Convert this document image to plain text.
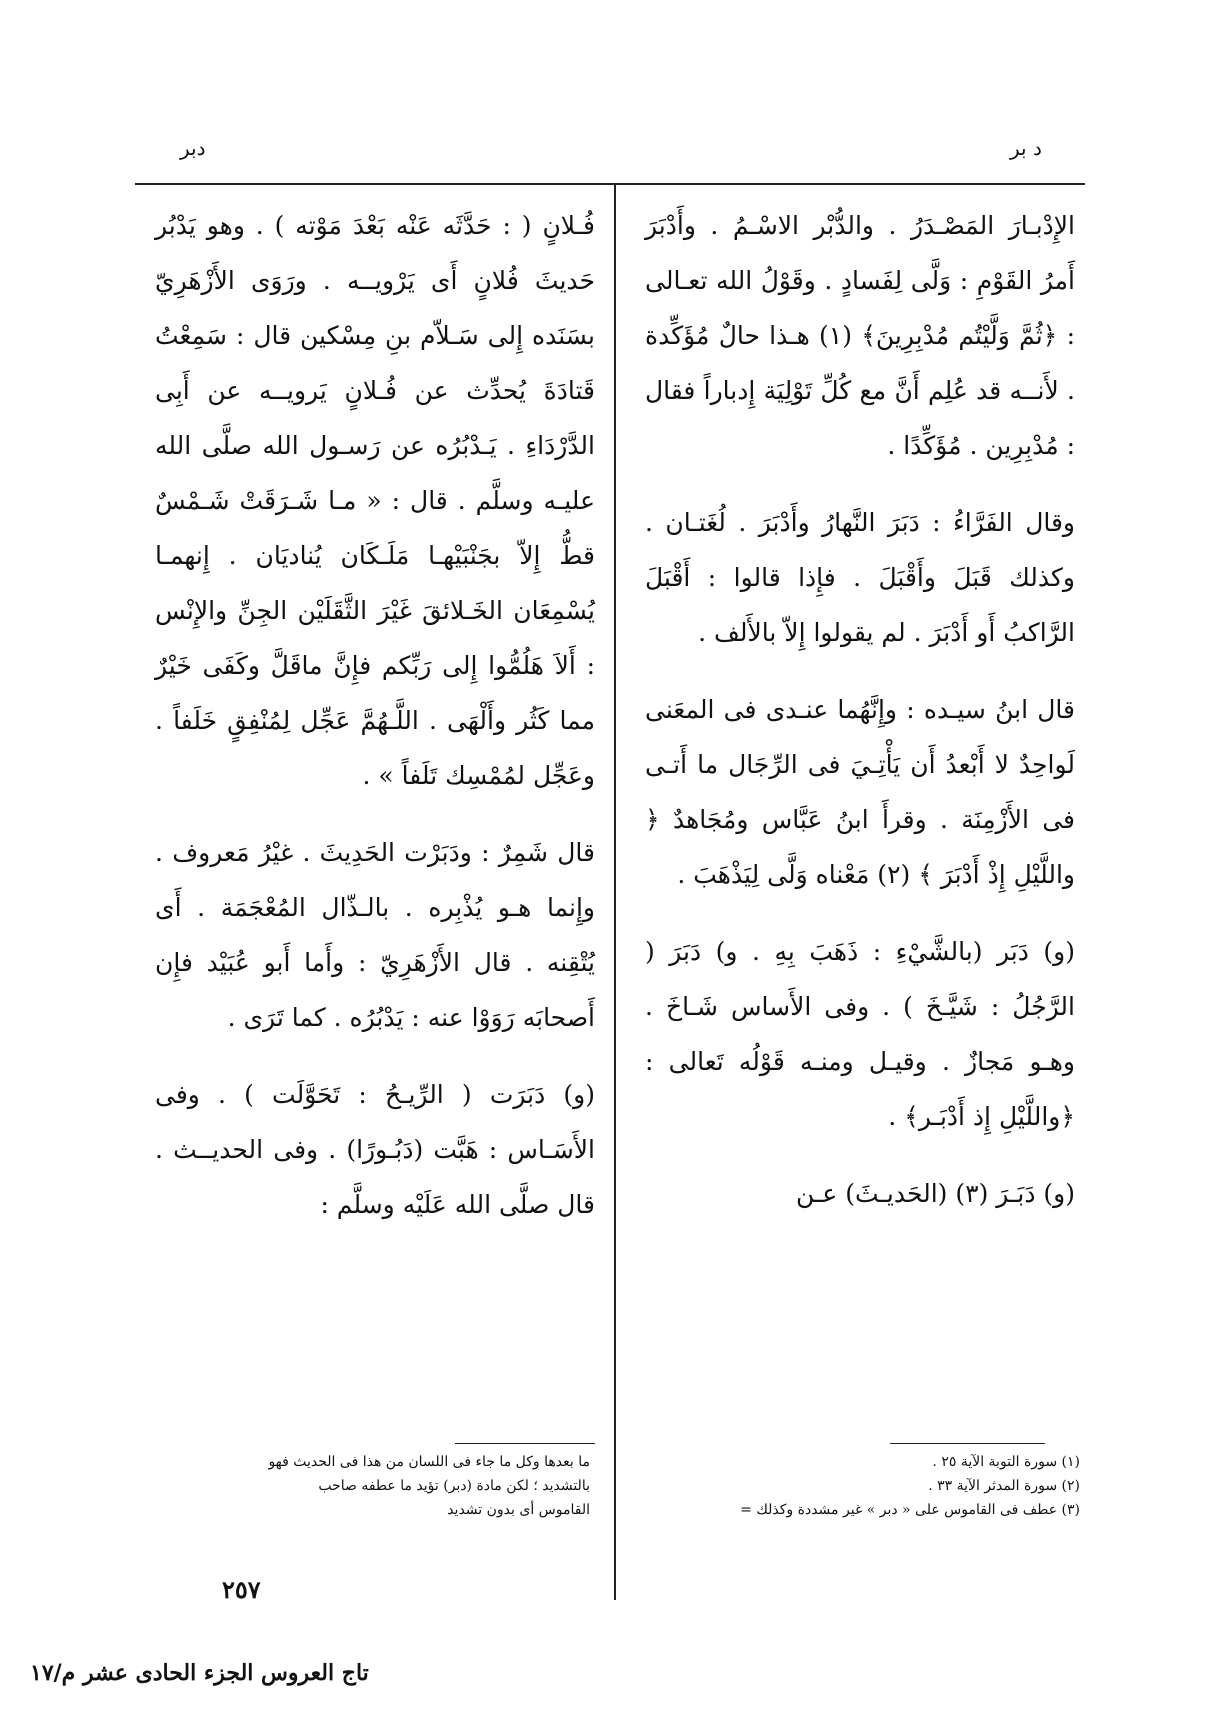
د بر
دبر

الإِدْبـارَ المَصْـدَرُ . والدُّبْر الاسْـمُ . وأَدْبَرَ أَمرُ القَوْمِ : وَلَّى لِفَسادٍ . وقَوْلُ الله تعـالى : ﴿ثُمَّ وَلَّيْتُم مُدْبِرِينَ﴾ (١) هـذا حالٌ مُؤَكِّدة . لأَنــه قد عُلِم أَنَّ مع كُلِّ تَوْلِيَة إِدباراً فقال : مُدْبِرِين . مُؤَكِّدًا .

وقال الفَرَّاءُ : دَبَرَ النَّهارُ وأَدْبَرَ . لُغَتـان . وكذلك قَبَلَ وأَقْبَلَ . فإِذا قالوا : أَقْبَلَ الرَّاكبُ أَو أَدْبَرَ . لم يقولوا إِلاّ بالأَلف .

قال ابنُ سيـده : وإِنَّهُما عنـدى فى المعَنى لَواحِدٌ لا أَبْعدُ أَن يَأْتِـيَ فى الرِّجَال ما أَتـى فى الأَزْمِنَة . وقرأَ ابنُ عَبَّاس ومُجَاهدٌ ﴿ واللَّيْلِ إِذْ أَدْبَرَ ﴾ (٢) مَعْناه وَلَّى لِيَذْهَبَ .

(و) دَبَر (بالشَّيْءِ : ذَهَبَ بِهِ . و) دَبَرَ ( الرَّجُلُ : شَيَّـخَ ) . وفى الأَساس شَـاخَ . وهـو مَجازٌ . وقيـل ومنـه قَوْلُه تَعالى : ﴿واللَّيْلِ إِذ أَدْبَـر﴾ .

(و) دَبَـرَ (٣) (الحَديـثَ) عـن

فُـلانٍ ( : حَدَّثَه عَنْه بَعْدَ مَوْته ) . وهو يَدْبُر حَديثَ فُلانٍ أَى يَرْويــه . ورَوَى الأَزْهَرِيّ بسَنَده إِلى سَـلاّم بنِ مِسْكين قال : سَمِعْتُ قَتادَةَ يُحدِّث عن فُـلانٍ يَرويــه عن أَبِى الدَّرْدَاءِ . يَـدْبُرُه عن رَسـول الله صلَّى الله عليـه وسلَّم . قال : « مـا شَـرَقَتْ شَـمْسٌ قطُّ إِلاّ بجَنْبَيْهـا مَلَـكَان يُناديَان . إِنهمـا يُسْمِعَان الخَـلائقَ غَيْرَ الثَّقَلَيْن الجِنِّ والإِنْس : أَلاَ هَلُمُّوا إِلى رَبِّكم فإِنَّ ماقَلَّ وكَفَى خَيْرٌ مما كَثُر وأَلْهَى . اللَّـهُمَّ عَجِّل لِمُنْفِقٍ خَلَفاً . وعَجِّل لمُمْسِك تَلَفاً » .

قال شَمِرٌ : ودَبَرْت الحَدِيثَ . غيْرُ مَعروف . وإِنما هـو يُذْبِره . بالـذّال المُعْجَمَة . أَى يُتْقِنه . قال الأَزْهَرِيّ : وأَما أَبو عُبَيْد فإِن أَصحابَه رَوَوْا عنه : يَدْبُرُه . كما تَرَى .

(و) دَبَرَت ( الرِّيـحُ : تَحَوَّلَت ) . وفى الأَسَـاس : هَبَّت (دَبُـورًا) . وفى الحديــث . قال صلَّى الله عَلَيْه وسلَّم :

(١) سورة التوبة الآية ٢٥ .
(٢) سورة المدثر الآية ٣٣ .
(٣) عطف فى القاموس على « دبر » غير مشددة وكذلك =
ما بعدها وكل ما جاء فى اللسان من هذا فى الحديث فهو
بالتشديد ؛ لكن مادة (دبر) تؤيد ما عطفه صاحب
القاموس أى بدون تشديد
٢٥٧
تاج العروس الجزء الحادى عشر م/١٧
